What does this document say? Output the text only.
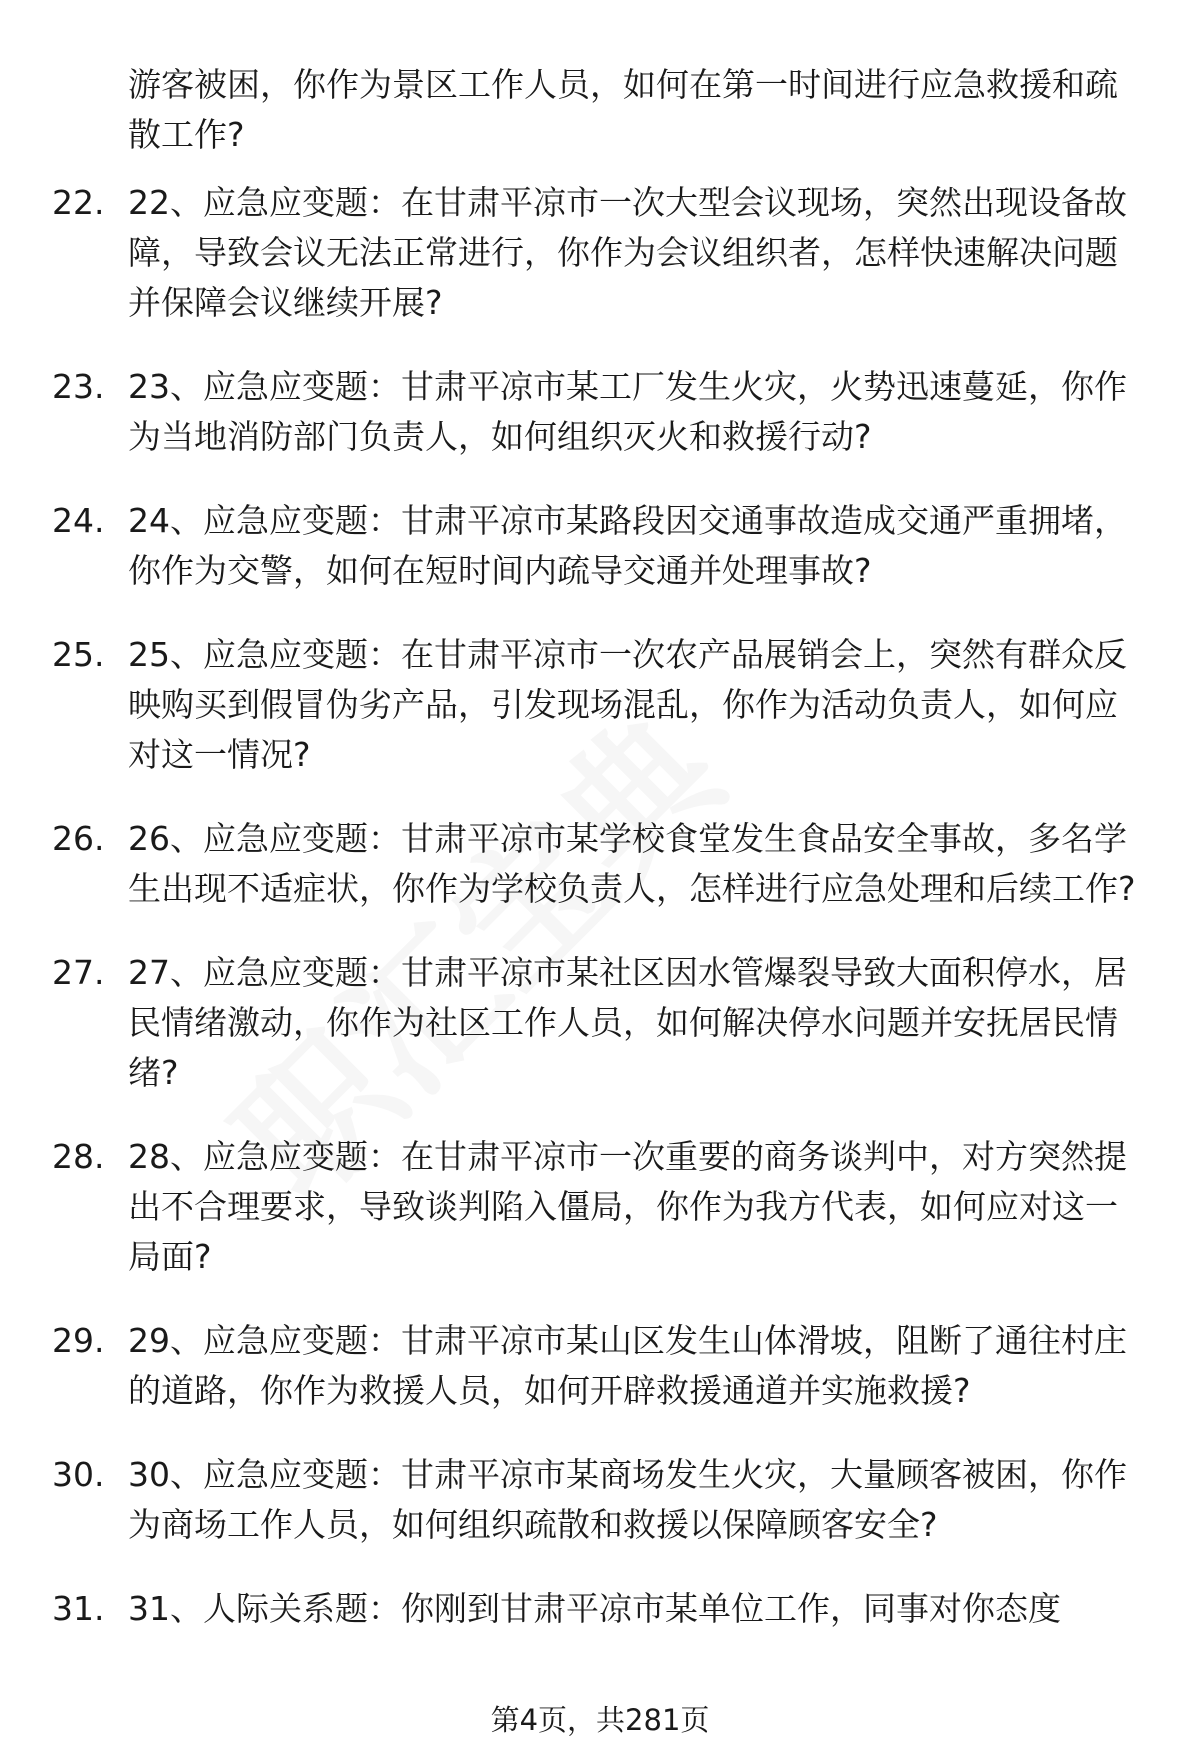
游客被困，你作为景区工作人员，如何在第一时间进行应急救援和疏散工作?

22. 22、应急应变题：在甘肃平凉市一次大型会议现场，突然出现设备故障，导致会议无法正常进行，你作为会议组织者，怎样快速解决问题并保障会议继续开展?
23. 23、应急应变题：甘肃平凉市某工厂发生火灾，火势迅速蔓延，你作为当地消防部门负责人，如何组织灭火和救援行动?
24. 24、应急应变题：甘肃平凉市某路段因交通事故造成交通严重拥堵，你作为交警，如何在短时间内疏导交通并处理事故?
25. 25、应急应变题：在甘肃平凉市一次农产品展销会上，突然有群众反映购买到假冒伪劣产品，引发现场混乱，你作为活动负责人，如何应对这一情况?
26. 26、应急应变题：甘肃平凉市某学校食堂发生食品安全事故，多名学生出现不适症状，你作为学校负责人，怎样进行应急处理和后续工作?
27. 27、应急应变题：甘肃平凉市某社区因水管爆裂导致大面积停水，居民情绪激动，你作为社区工作人员，如何解决停水问题并安抚居民情绪?
28. 28、应急应变题：在甘肃平凉市一次重要的商务谈判中，对方突然提出不合理要求，导致谈判陷入僵局，你作为我方代表，如何应对这一局面?
29. 29、应急应变题：甘肃平凉市某山区发生山体滑坡，阻断了通往村庄的道路，你作为救援人员，如何开辟救援通道并实施救援?
30. 30、应急应变题：甘肃平凉市某商场发生火灾，大量顾客被困，你作为商场工作人员，如何组织疏散和救援以保障顾客安全?
31. 31、人际关系题：你刚到甘肃平凉市某单位工作，同事对你态度
第4页，共281页
